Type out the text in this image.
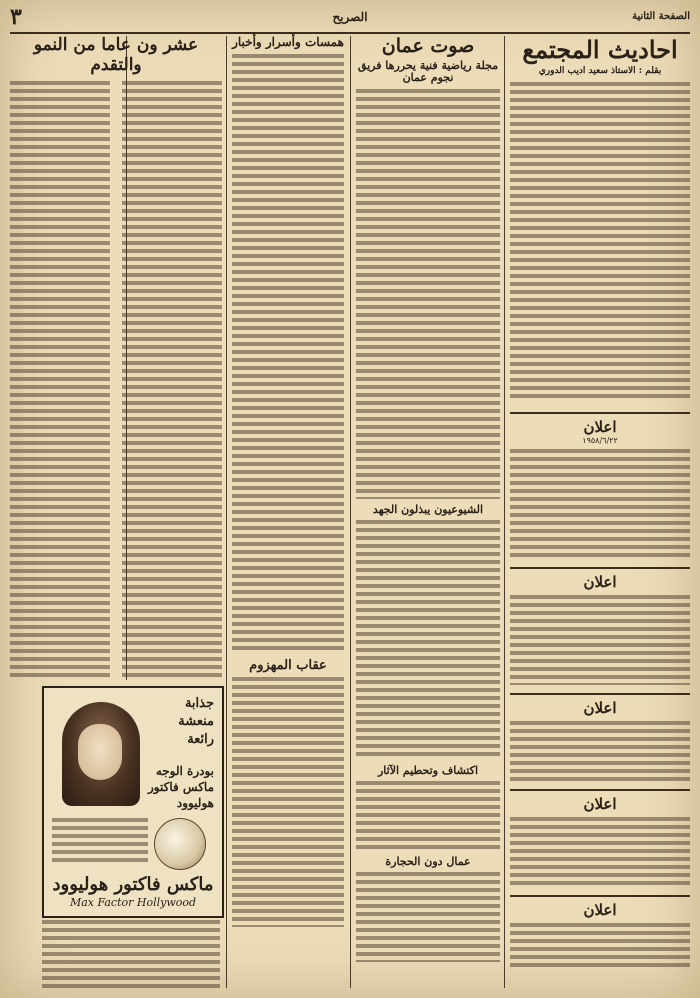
٣	الصريح	الصفحة الثانية
احاديث المجتمع
بقلم : الاستاذ سعيد اديب الدوري
اعلان
١٩٥٨/٦/٢٢
اعلان
اعلان
اعلان
اعلان
صوت عمان
مجلة رياضية فنية يحررها فريق نجوم عمان
الشيوعيون يبذلون الجهد
اكتشاف وتحطيم الآثار
عمال دون الحجارة
همسات وأسرار وأخبار
عقاب المهزوم
عشر ون عاما من النمو والتقدم
جذابة
منعشة
رائعة
بودرة الوجه
ماكس فاكتور
هوليوود
ماكس فاكتور هوليوود
Max Factor Hollywood
